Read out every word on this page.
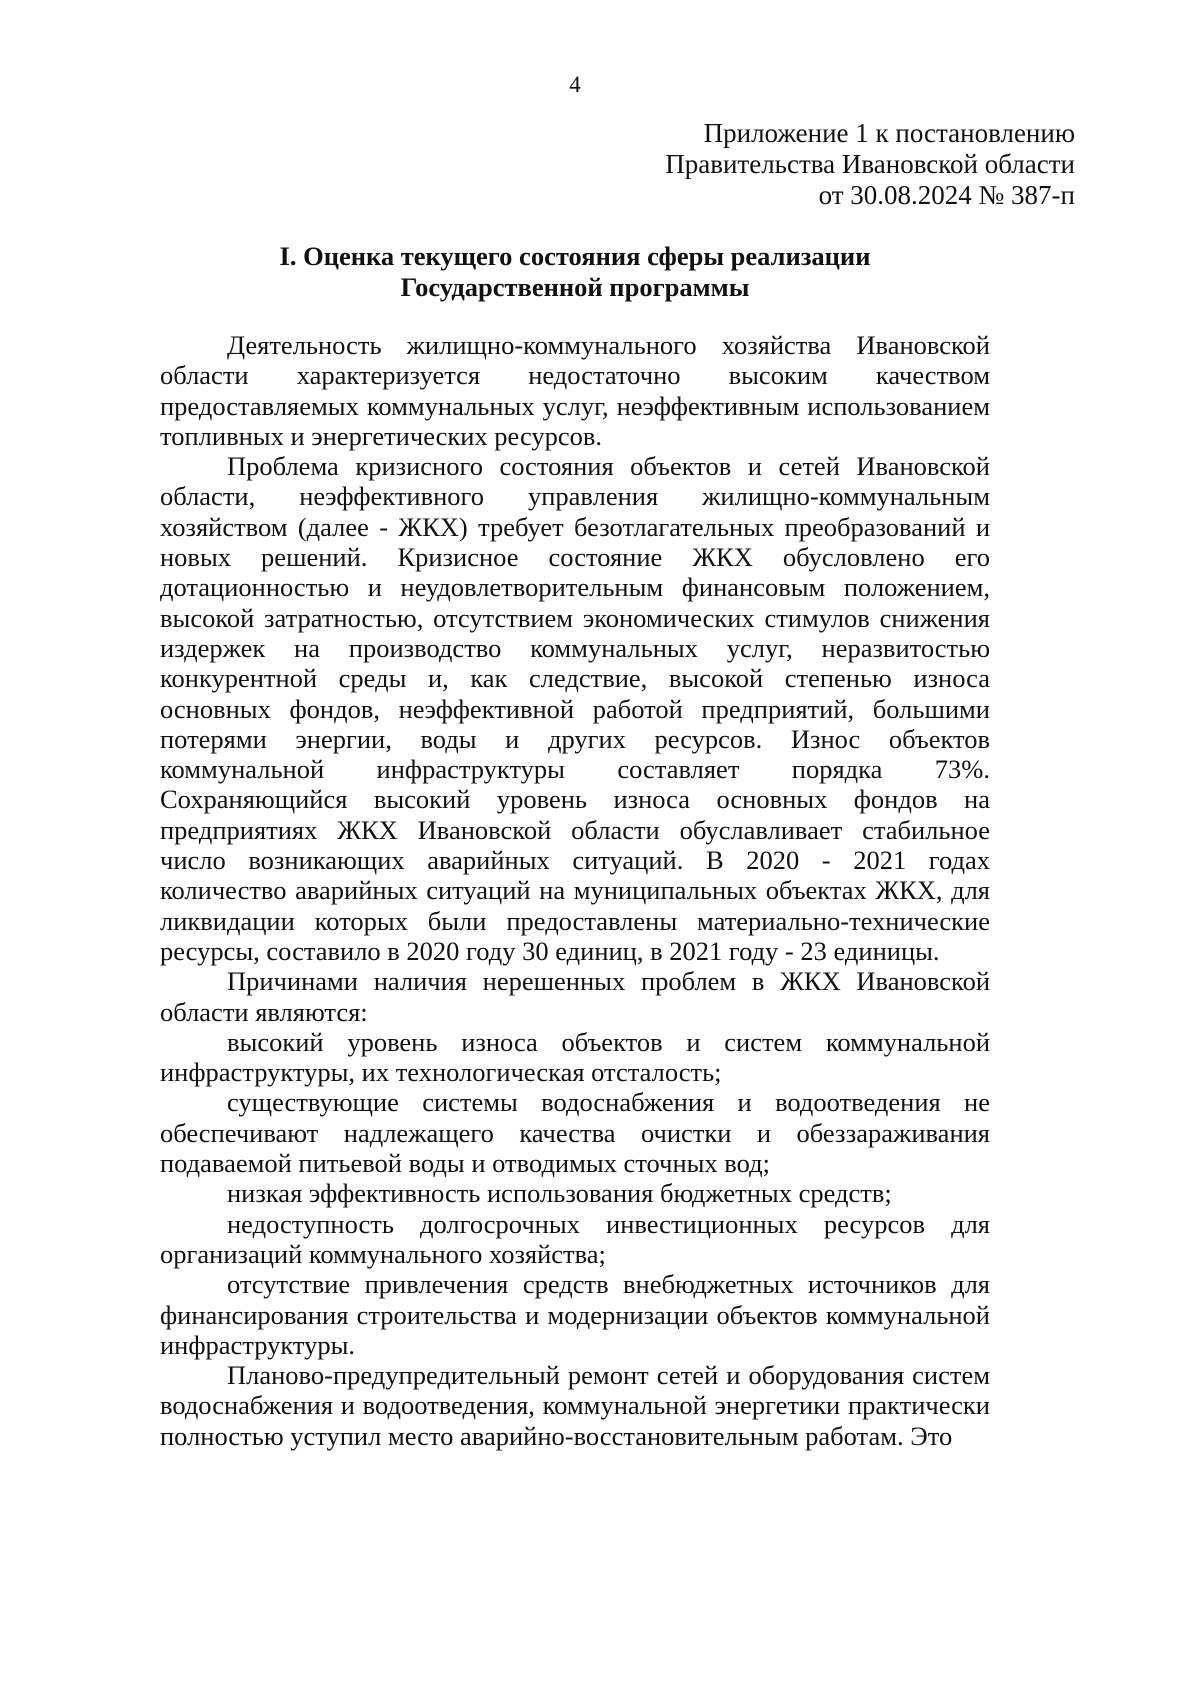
4
Приложение 1 к постановлению
Правительства Ивановской области
от 30.08.2024 № 387-п
I. Оценка текущего состояния сферы реализации
Государственной программы

Деятельность жилищно-коммунального хозяйства Ивановской области характеризуется недостаточно высоким качеством предоставляемых коммунальных услуг, неэффективным использованием топливных и энергетических ресурсов.

Проблема кризисного состояния объектов и сетей Ивановской области, неэффективного управления жилищно-коммунальным хозяйством (далее - ЖКХ) требует безотлагательных преобразований и новых решений. Кризисное состояние ЖКХ обусловлено его дотационностью и неудовлетворительным финансовым положением, высокой затратностью, отсутствием экономических стимулов снижения издержек на производство коммунальных услуг, неразвитостью конкурентной среды и, как следствие, высокой степенью износа основных фондов, неэффективной работой предприятий, большими потерями энергии, воды и других ресурсов. Износ объектов коммунальной инфраструктуры составляет порядка 73%. Сохраняющийся высокий уровень износа основных фондов на предприятиях ЖКХ Ивановской области обуславливает стабильное число возникающих аварийных ситуаций. В 2020 - 2021 годах количество аварийных ситуаций на муниципальных объектах ЖКХ, для ликвидации которых были предоставлены материально-технические ресурсы, составило в 2020 году 30 единиц, в 2021 году - 23 единицы.

Причинами наличия нерешенных проблем в ЖКХ Ивановской области являются:

высокий уровень износа объектов и систем коммунальной инфраструктуры, их технологическая отсталость;

существующие системы водоснабжения и водоотведения не обеспечивают надлежащего качества очистки и обеззараживания подаваемой питьевой воды и отводимых сточных вод;

низкая эффективность использования бюджетных средств;

недоступность долгосрочных инвестиционных ресурсов для организаций коммунального хозяйства;

отсутствие привлечения средств внебюджетных источников для финансирования строительства и модернизации объектов коммунальной инфраструктуры.

Планово-предупредительный ремонт сетей и оборудования систем водоснабжения и водоотведения, коммунальной энергетики практически полностью уступил место аварийно-восстановительным работам. Это
